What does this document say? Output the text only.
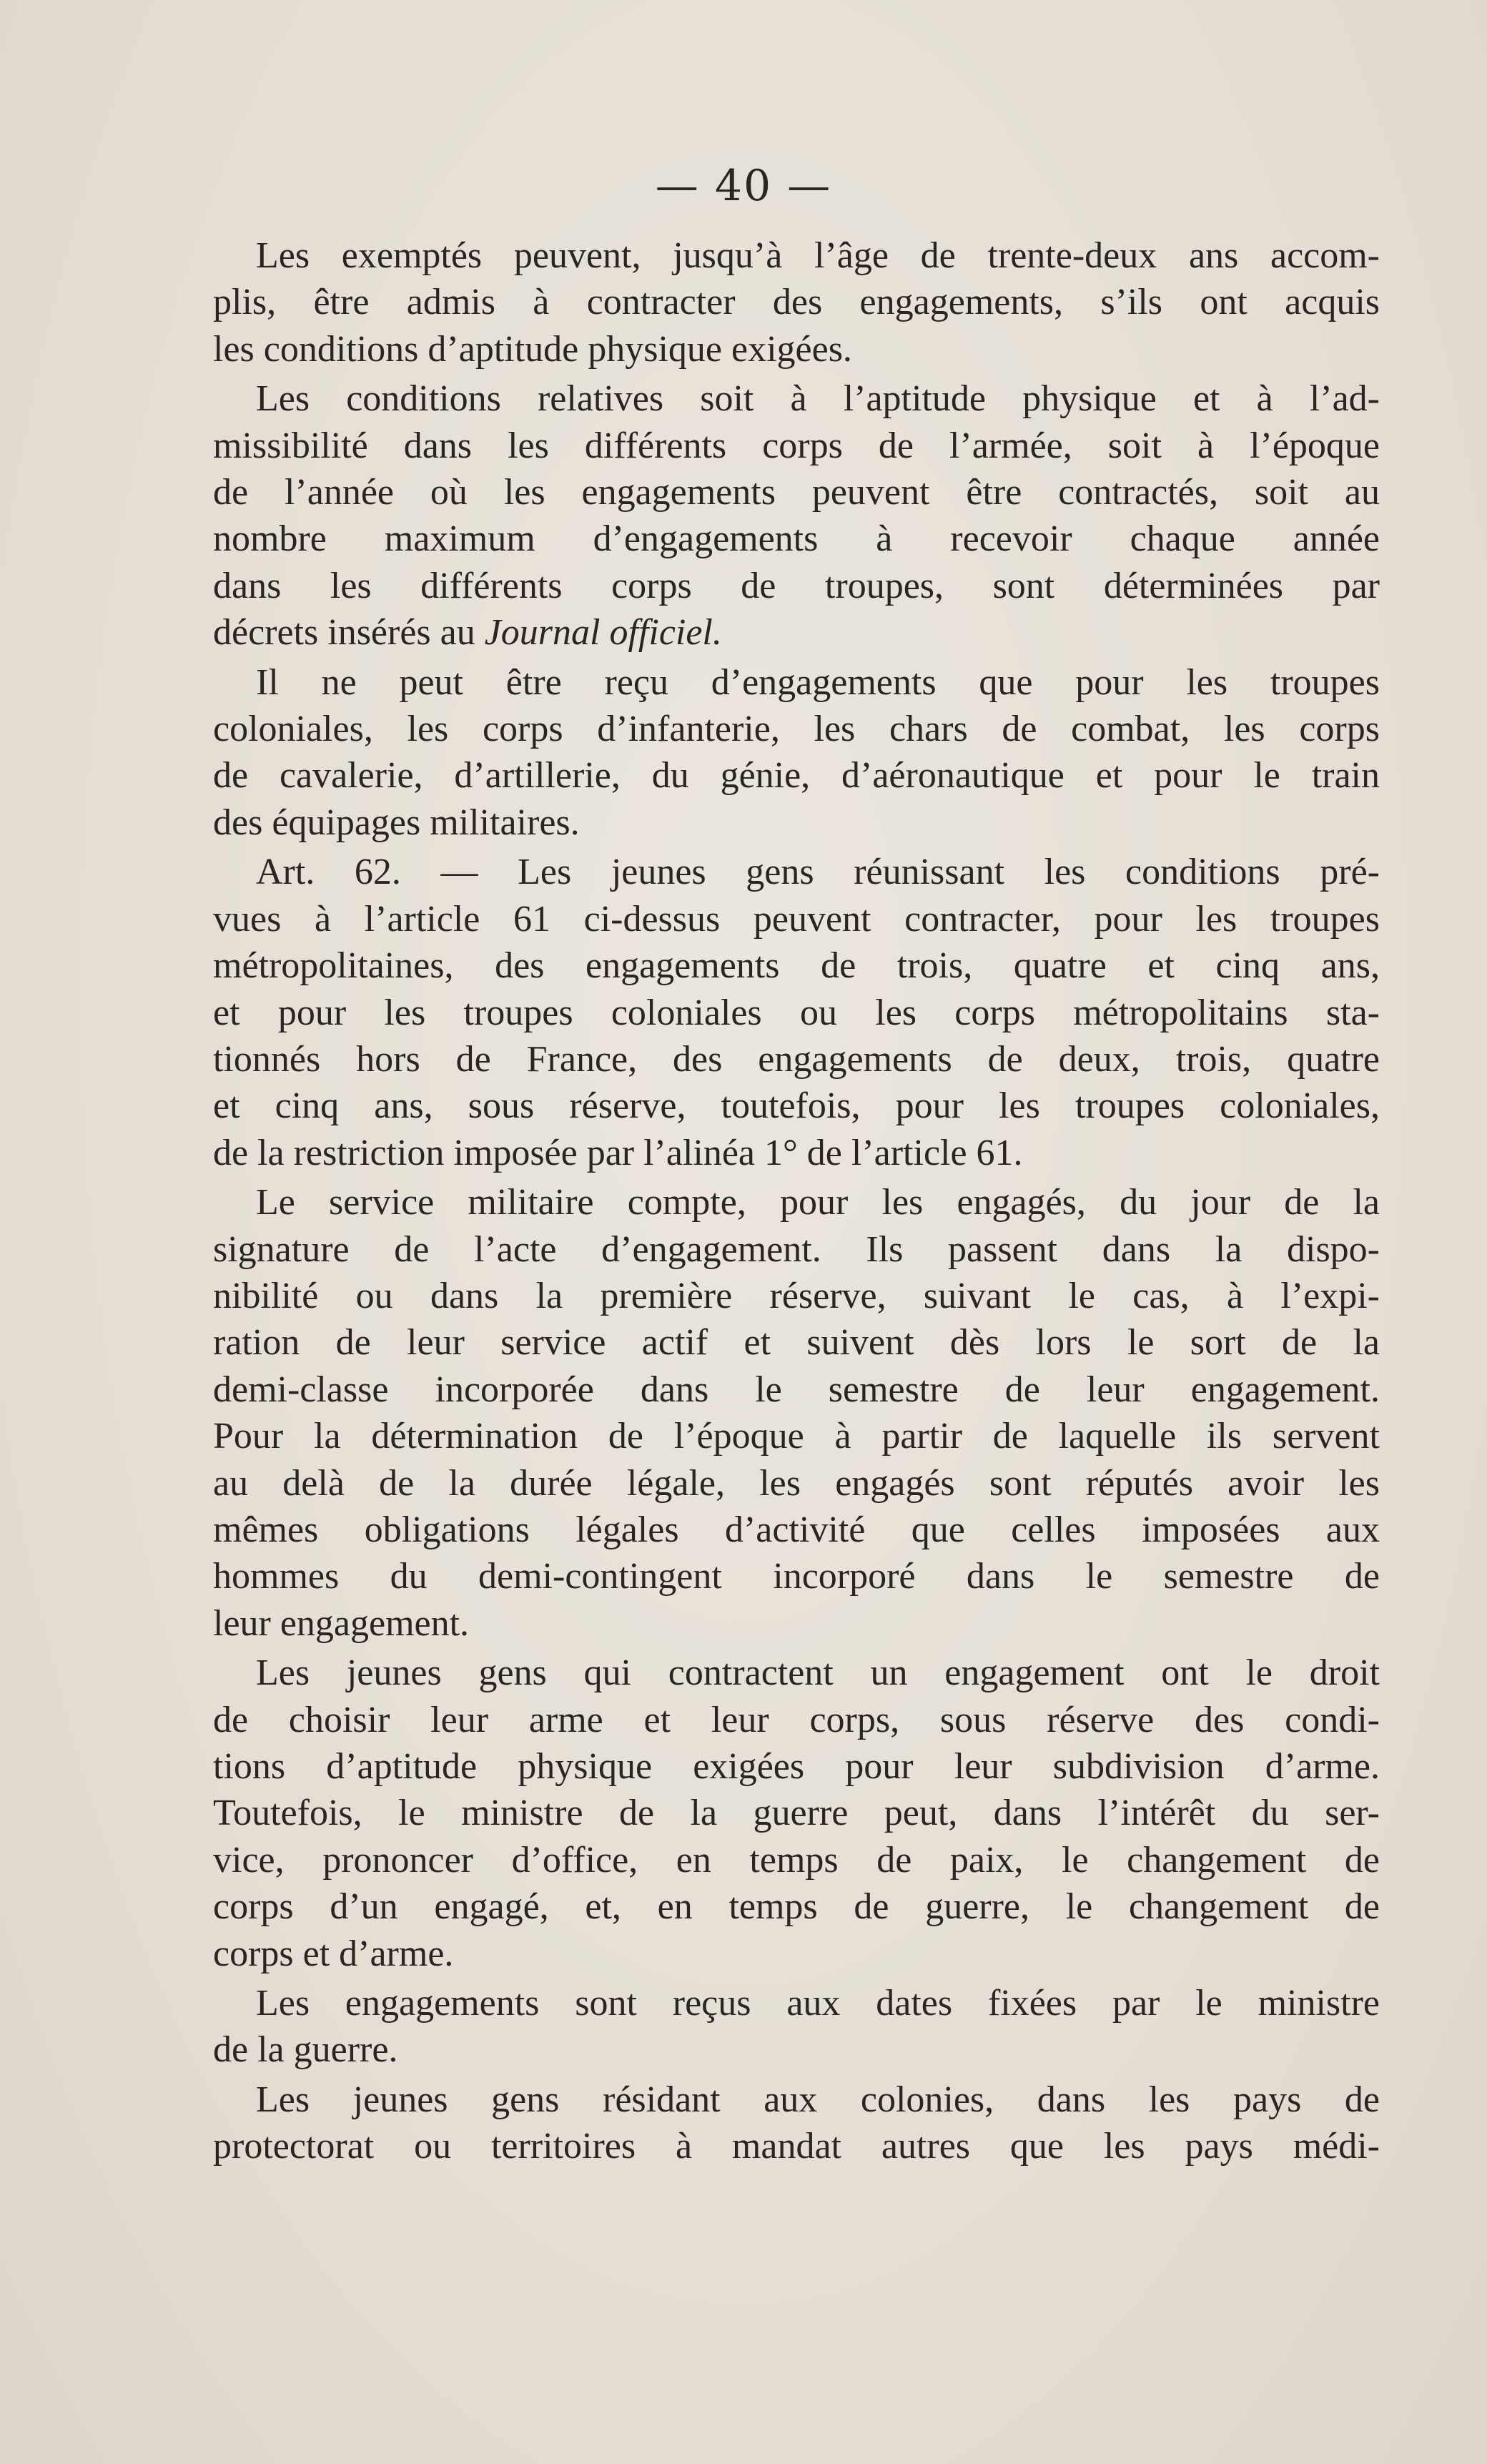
— 40 —
Les exemptés peuvent, jusqu’à l’âge de trente-deux ans accom-
plis, être admis à contracter des engagements, s’ils ont acquis
les conditions d’aptitude physique exigées.
Les conditions relatives soit à l’aptitude physique et à l’ad-
missibilité dans les différents corps de l’armée, soit à l’époque
de l’année où les engagements peuvent être contractés, soit au
nombre maximum d’engagements à recevoir chaque année
dans les différents corps de troupes, sont déterminées par
décrets insérés au Journal officiel.
Il ne peut être reçu d’engagements que pour les troupes
coloniales, les corps d’infanterie, les chars de combat, les corps
de cavalerie, d’artillerie, du génie, d’aéronautique et pour le train
des équipages militaires.
Art. 62. — Les jeunes gens réunissant les conditions pré-
vues à l’article 61 ci-dessus peuvent contracter, pour les troupes
métropolitaines, des engagements de trois, quatre et cinq ans,
et pour les troupes coloniales ou les corps métropolitains sta-
tionnés hors de France, des engagements de deux, trois, quatre
et cinq ans, sous réserve, toutefois, pour les troupes coloniales,
de la restriction imposée par l’alinéa 1° de l’article 61.
Le service militaire compte, pour les engagés, du jour de la
signature de l’acte d’engagement. Ils passent dans la dispo-
nibilité ou dans la première réserve, suivant le cas, à l’expi-
ration de leur service actif et suivent dès lors le sort de la
demi-classe incorporée dans le semestre de leur engagement.
Pour la détermination de l’époque à partir de laquelle ils servent
au delà de la durée légale, les engagés sont réputés avoir les
mêmes obligations légales d’activité que celles imposées aux
hommes du demi-contingent incorporé dans le semestre de
leur engagement.
Les jeunes gens qui contractent un engagement ont le droit
de choisir leur arme et leur corps, sous réserve des condi-
tions d’aptitude physique exigées pour leur subdivision d’arme.
Toutefois, le ministre de la guerre peut, dans l’intérêt du ser-
vice, prononcer d’office, en temps de paix, le changement de
corps d’un engagé, et, en temps de guerre, le changement de
corps et d’arme.
Les engagements sont reçus aux dates fixées par le ministre
de la guerre.
Les jeunes gens résidant aux colonies, dans les pays de
protectorat ou territoires à mandat autres que les pays médi-
